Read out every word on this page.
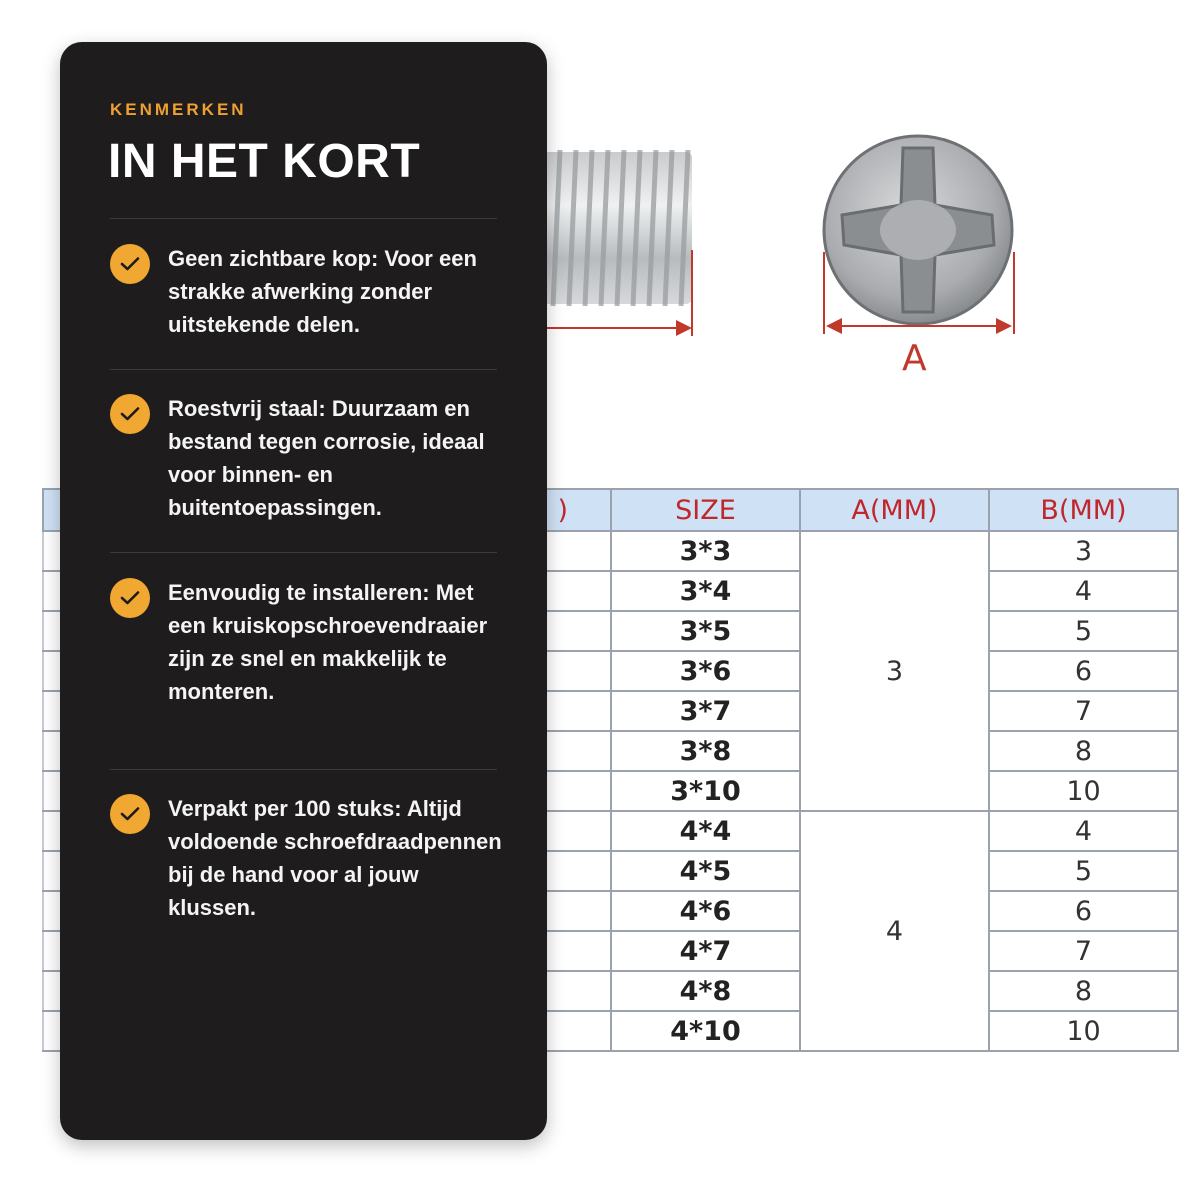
A
)	SIZE	A(MM)	B(MM)
	3*3	3	3
	3*4		4
	3*5		5
	3*6		6
	3*7		7
	3*8		8
	3*10		10
	4*4	4	4
	4*5		5
	4*6		6
	4*7		7
	4*8		8
	4*10		10
KENMERKEN
IN HET KORT
Geen zichtbare kop: Voor een strakke afwerking zonder uitstekende delen.
Roestvrij staal: Duurzaam en bestand tegen corrosie, ideaal voor binnen- en buitentoepassingen.
Eenvoudig te installeren: Met een kruiskopschroevendraaier zijn ze snel en makkelijk te monteren.
Verpakt per 100 stuks: Altijd voldoende schroefdraadpennen bij de hand voor al jouw klussen.
